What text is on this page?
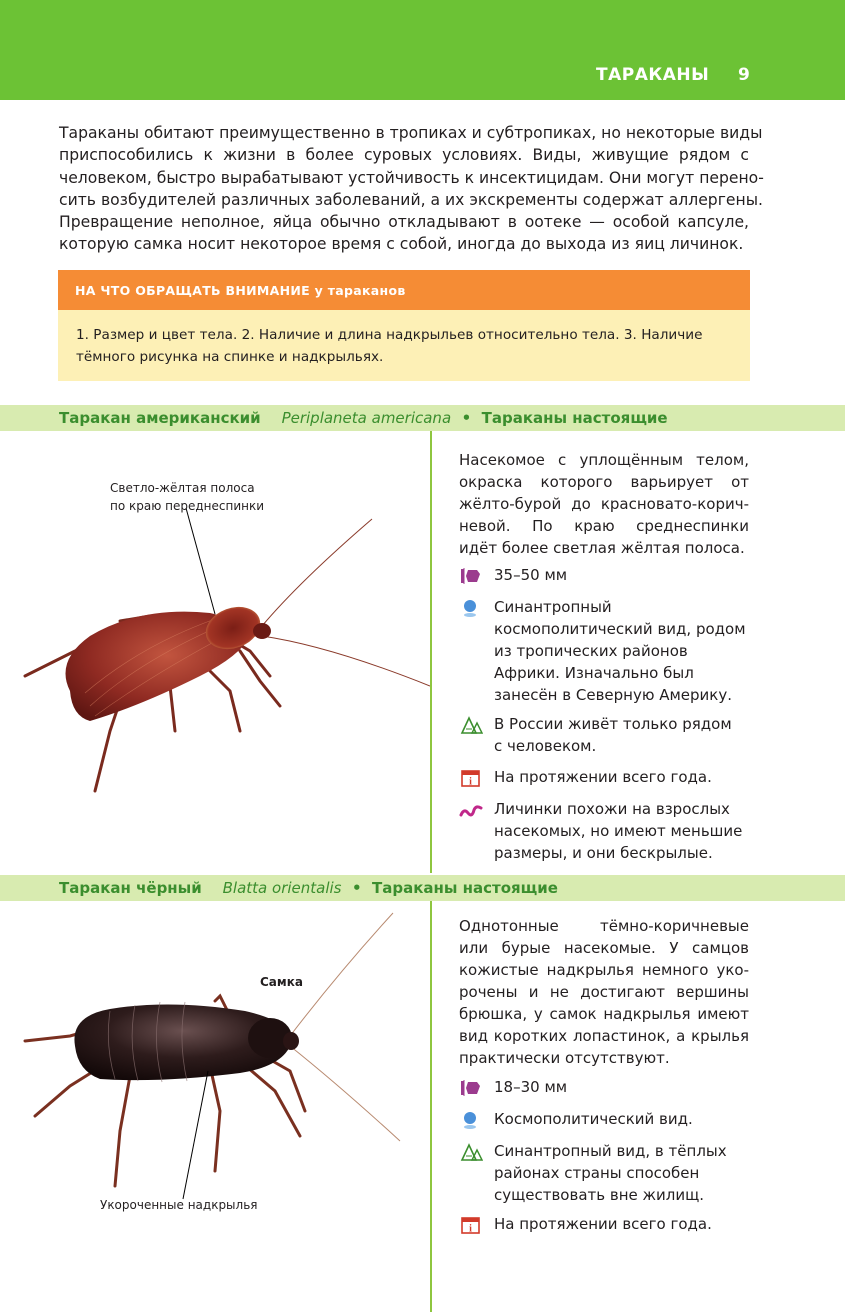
ТАРАКАНЫ 9
Тараканы обитают преимущественно в тропиках и субтропиках, но некоторые виды
приспособились к жизни в более суровых условиях. Виды, живущие рядом с
человеком, быстро вырабатывают устойчивость к инсектицидам. Они могут перено-
сить возбудителей различных заболеваний, а их экскременты содержат аллергены.
Превращение неполное, яйца обычно откладывают в оотеке — особой капсуле,
которую самка носит некоторое время с собой, иногда до выхода из яиц личинок.
НА ЧТО ОБРАЩАТЬ ВНИМАНИЕ у тараканов
1. Размер и цвет тела. 2. Наличие и длина надкрыльев относительно тела. 3. Наличие
тёмного рисунка на спинке и надкрыльях.
Таракан американский Periplaneta americana • Тараканы настоящие
Светло-жёлтая полоса
по краю переднеспинки
Насекомое с уплощённым телом,
окраска которого варьирует от
жёлто-бурой до красновато-корич-
невой. По краю среднеспинки
идёт более светлая жёлтая полоса.
35–50 мм
Синантропный
космополитический вид, родом
из тропических районов
Африки. Изначально был
занесён в Северную Америку.
В России живёт только рядом
с человеком.
i На протяжении всего года.
Личинки похожи на взрослых
насекомых, но имеют меньшие
размеры, и они бескрылые.
Таракан чёрный Blatta orientalis • Тараканы настоящие
Самка
Укороченные надкрылья
Однотонные тёмно-коричневые
или бурые насекомые. У самцов
кожистые надкрылья немного уко-
рочены и не достигают вершины
брюшка, у самок надкрылья имеют
вид коротких лопастинок, а крылья
практически отсутствуют.
18–30 мм
Космополитический вид.
Синантропный вид, в тёплых
районах страны способен
существовать вне жилищ.
i На протяжении всего года.
